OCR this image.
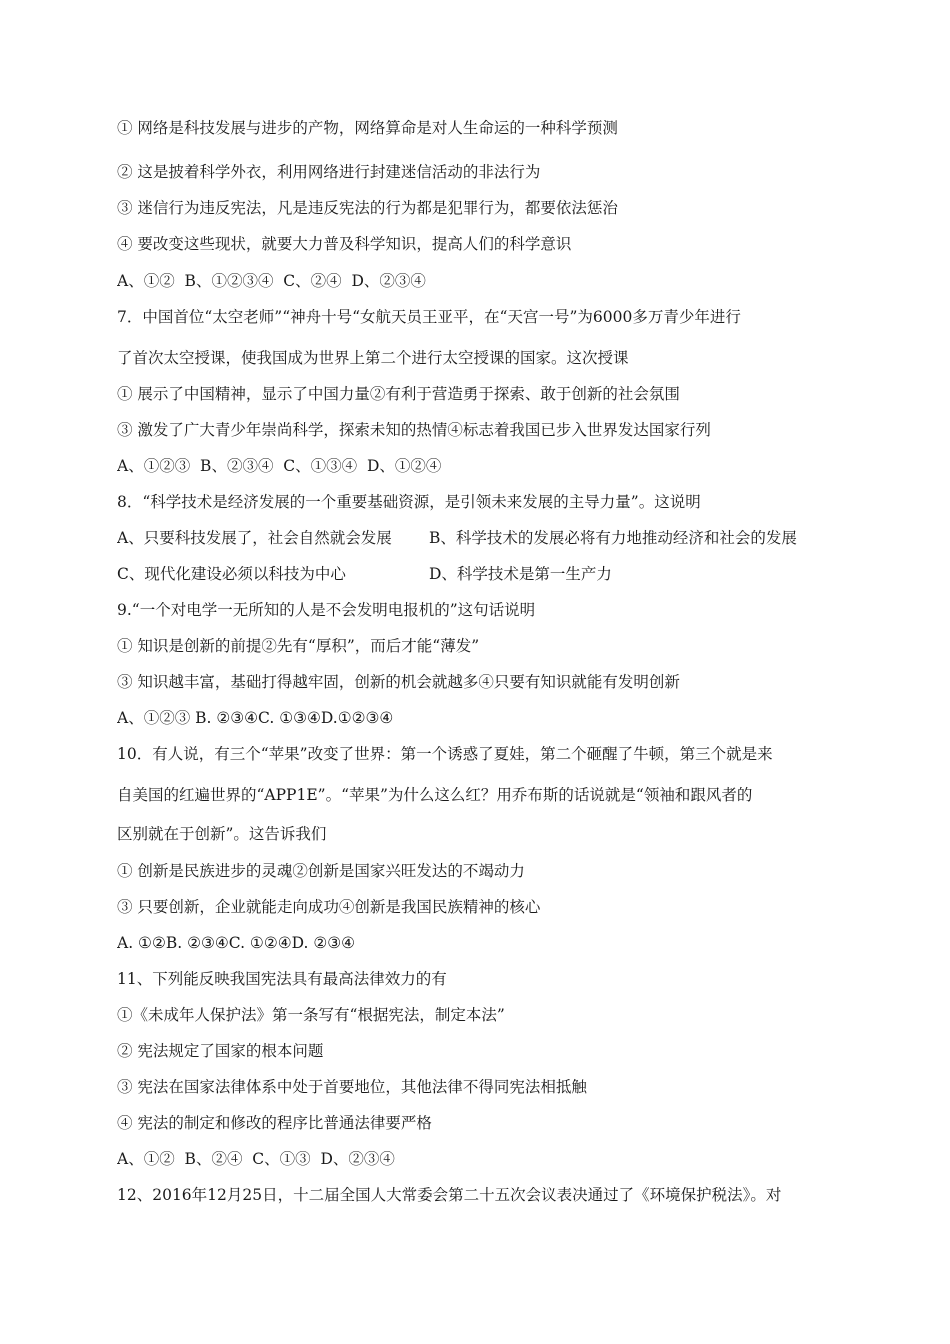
① 网络是科技发展与进步的产物，网络算命是对人生命运的一种科学预测
② 这是披着科学外衣，利用网络进行封建迷信活动的非法行为
③ 迷信行为违反宪法，凡是违反宪法的行为都是犯罪行为，都要依法惩治
④ 要改变这些现状，就要大力普及科学知识，提高人们的科学意识
A、①②  B、①②③④  C、②④  D、②③④
7．中国首位“太空老师”“神舟十号“女航天员王亚平，在“天宫一号”为6000多万青少年进行
了首次太空授课，使我国成为世界上第二个进行太空授课的国家。这次授课
① 展示了中国精神，显示了中国力量②有利于营造勇于探索、敢于创新的社会氛围
③ 激发了广大青少年崇尚科学，探索未知的热情④标志着我国已步入世界发达国家行列
A、①②③  B、②③④  C、①③④  D、①②④
8．“科学技术是经济发展的一个重要基础资源，是引领未来发展的主导力量”。这说明
A、只要科技发展了，社会自然就会发展 B、科学技术的发展必将有力地推动经济和社会的发展
C、现代化建设必须以科技为中心	D、科学技术是第一生产力
9.“一个对电学一无所知的人是不会发明电报机的”这句话说明
① 知识是创新的前提②先有“厚积”，而后才能“薄发”
③ 知识越丰富，基础打得越牢固，创新的机会就越多④只要有知识就能有发明创新
A、①②③ B. ②③④C. ①③④D.①②③④
10．有人说，有三个“苹果”改变了世界：第一个诱惑了夏娃，第二个砸醒了牛顿，第三个就是来
自美国的红遍世界的“APP1E”。“苹果”为什么这么红？用乔布斯的话说就是“领袖和跟风者的
区别就在于创新”。这告诉我们
① 创新是民族进步的灵魂②创新是国家兴旺发达的不竭动力
③ 只要创新，企业就能走向成功④创新是我国民族精神的核心
A. ①②B. ②③④C. ①②④D. ②③④
11、下列能反映我国宪法具有最高法律效力的有
①《未成年人保护法》第一条写有“根据宪法，制定本法”
② 宪法规定了国家的根本问题
③ 宪法在国家法律体系中处于首要地位，其他法律不得同宪法相抵触
④ 宪法的制定和修改的程序比普通法律要严格
A、①②  B、②④  C、①③  D、②③④
12、2016年12月25日，十二届全国人大常委会第二十五次会议表决通过了《环境保护税法》。对
